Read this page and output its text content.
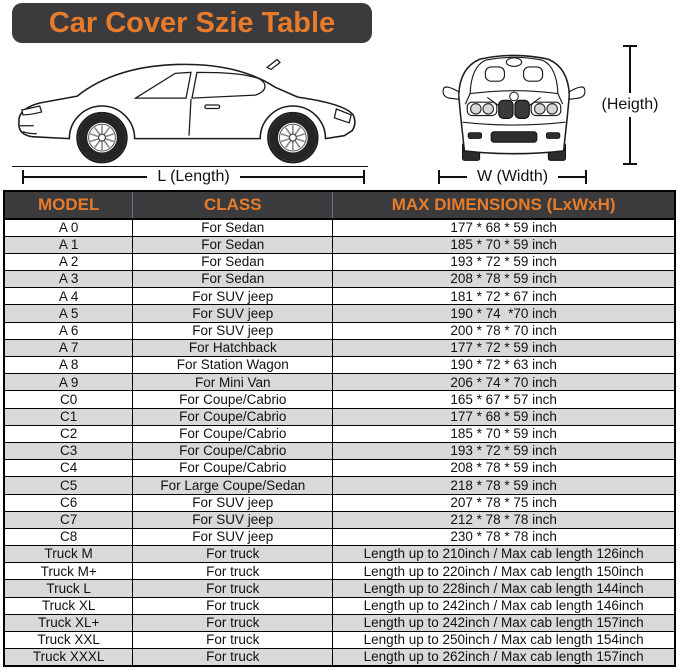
Car Cover Szie Table
L (Length)	W (Width)
(Heigth)
MODEL	CLASS	MAX DIMENSIONS (LxWxH)
A 0	For Sedan	177 * 68 * 59 inch
A 1	For Sedan	185 * 70 * 59 inch
A 2	For Sedan	193 * 72 * 59 inch
A 3	For Sedan	208 * 78 * 59 inch
A 4	For SUV jeep	181 * 72 * 67 inch
A 5	For SUV jeep	190 * 74  *70 inch
A 6	For SUV jeep	200 * 78 * 70 inch
A 7	For Hatchback	177 * 72 * 59 inch
A 8	For Station Wagon	190 * 72 * 63 inch
A 9	For Mini Van	206 * 74 * 70 inch
C0	For Coupe/Cabrio	165 * 67 * 57 inch
C1	For Coupe/Cabrio	177 * 68 * 59 inch
C2	For Coupe/Cabrio	185 * 70 * 59 inch
C3	For Coupe/Cabrio	193 * 72 * 59 inch
C4	For Coupe/Cabrio	208 * 78 * 59 inch
C5	For Large Coupe/Sedan	218 * 78 * 59 inch
C6	For SUV jeep	207 * 78 * 75 inch
C7	For SUV jeep	212 * 78 * 78 inch
C8	For SUV jeep	230 * 78 * 78 inch
Truck M	For truck	Length up to 210inch / Max cab length 126inch
Truck M+	For truck	Length up to 220inch / Max cab length 150inch
Truck L	For truck	Length up to 228inch / Max cab length 144inch
Truck XL	For truck	Length up to 242inch / Max cab length 146inch
Truck XL+	For truck	Length up to 242inch / Max cab length 157inch
Truck XXL	For truck	Length up to 250inch / Max cab length 154inch
Truck XXXL	For truck	Length up to 262inch / Max cab length 157inch
